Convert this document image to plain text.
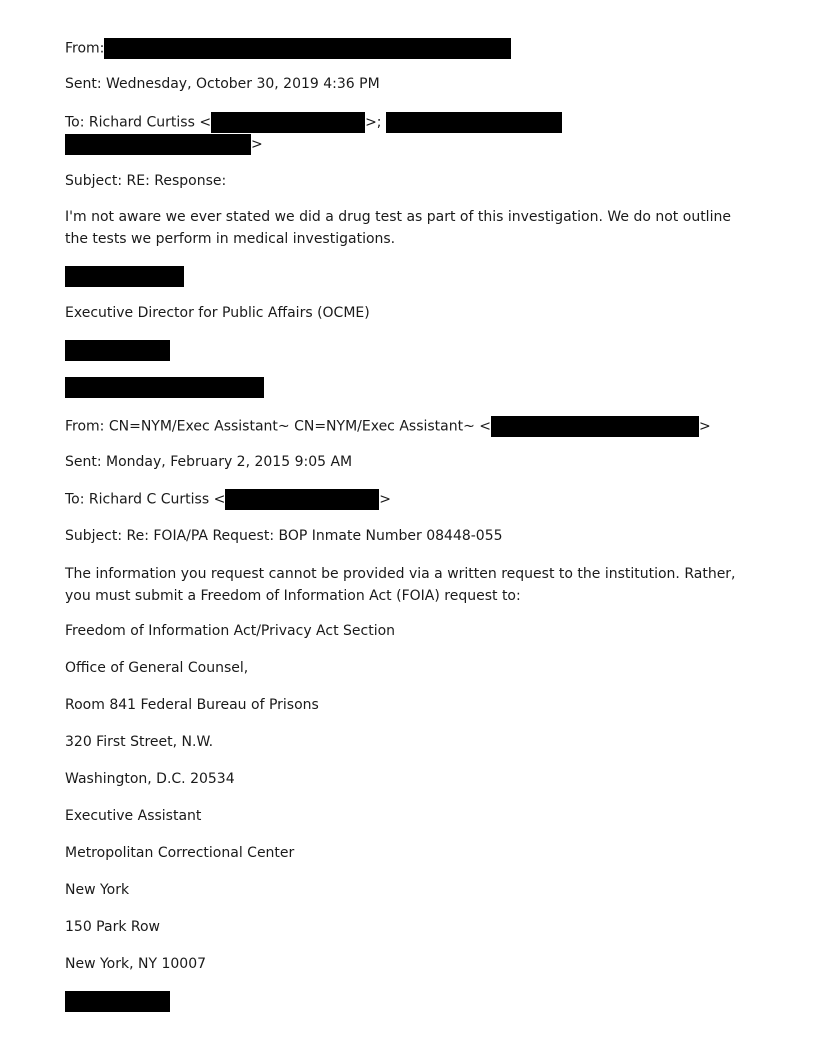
From:
Sent: Wednesday, October 30, 2019 4:36 PM
To: Richard Curtiss <	>;
>
Subject: RE: Response:
I'm not aware we ever stated we did a drug test as part of this investigation. We do not outline the tests we perform in medical investigations.
Executive Director for Public Affairs (OCME)
From: CN=NYM/Exec Assistant~ CN=NYM/Exec Assistant~ <	>
Sent: Monday, February 2, 2015 9:05 AM
To: Richard C Curtiss <	>
Subject: Re: FOIA/PA Request: BOP Inmate Number 08448-055
The information you request cannot be provided via a written request to the institution. Rather, you must submit a Freedom of Information Act (FOIA) request to:
Freedom of Information Act/Privacy Act Section
Office of General Counsel,
Room 841 Federal Bureau of Prisons
320 First Street, N.W.
Washington, D.C. 20534
Executive Assistant
Metropolitan Correctional Center
New York
150 Park Row
New York, NY 10007
